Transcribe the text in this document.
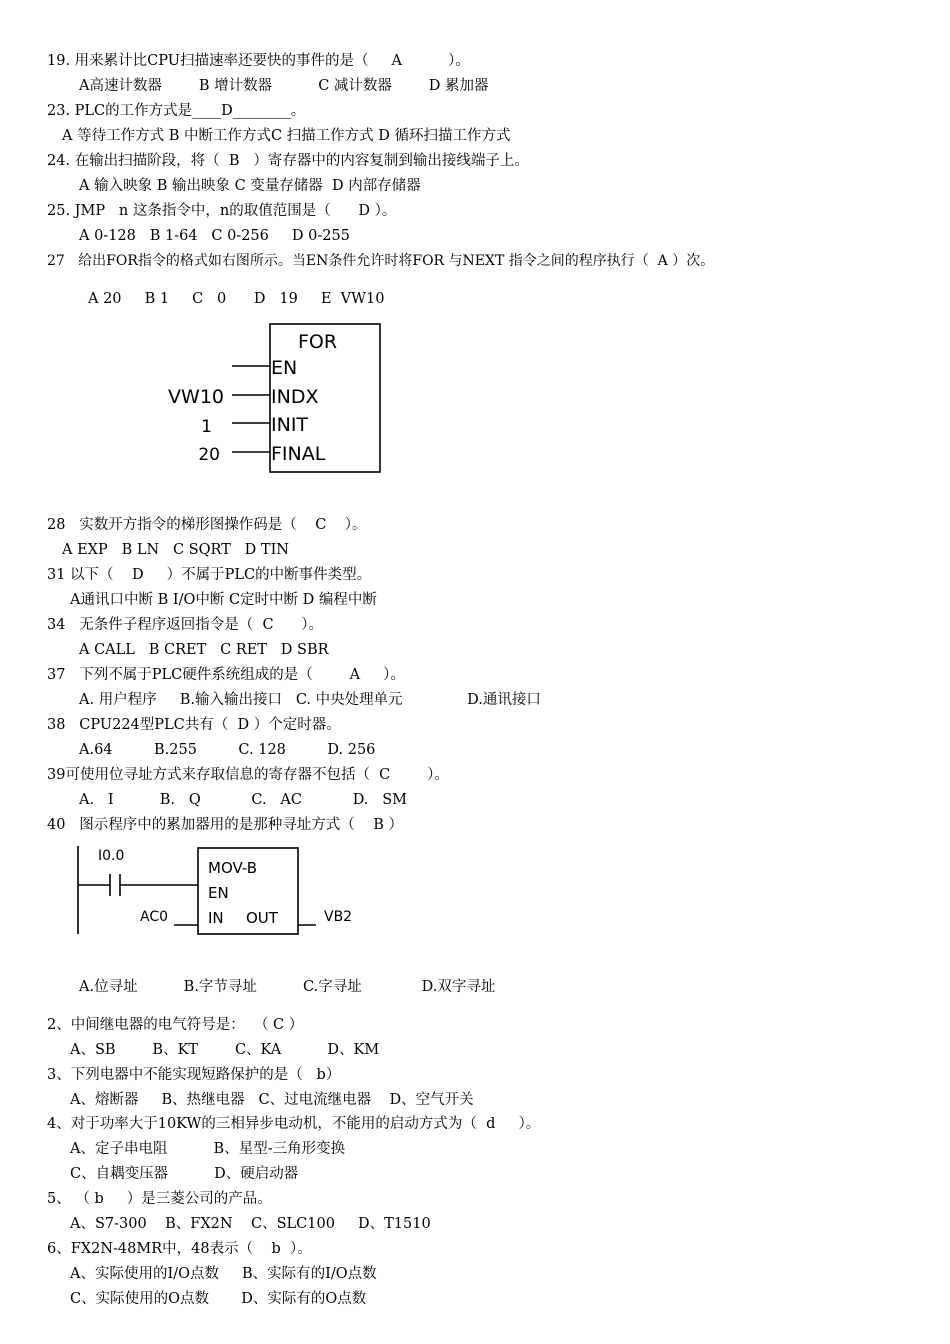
19. 用来累计比CPU扫描速率还要快的事件的是（     A          ）。
A高速计数器        B 增计数器          C 减计数器        D 累加器
23. PLC的工作方式是____D________。
A 等待工作方式 B 中断工作方式C 扫描工作方式 D 循环扫描工作方式
24. 在输出扫描阶段，将（  B   ）寄存器中的内容复制到输出接线端子上。
A 输入映象 B 输出映象 C 变量存储器  D 内部存储器
25. JMP   n 这条指令中，n的取值范围是（      D ）。
A 0-128   B 1-64   C 0-256     D 0-255
27   给出FOR指令的格式如右图所示。当EN条件允许时将FOR 与NEXT 指令之间的程序执行（  A ）次。
A 20     B 1     C   0      D   19     E  VW10
FOR
EN
INDX
INIT
FINAL
VW10
1
20
28   实数开方指令的梯形图操作码是（    C    ）。
A EXP   B LN   C SQRT   D TIN
31 以下（    D     ）不属于PLC的中断事件类型。
A通讯口中断 B I/O中断 C定时中断 D 编程中断
34   无条件子程序返回指令是（  C      ）。
A CALL   B CRET   C RET   D SBR
37   下列不属于PLC硬件系统组成的是（        A     ）。
A. 用户程序     B.输入输出接口   C. 中央处理单元              D.通讯接口
38   CPU224型PLC共有（  D ）个定时器。
A.64         B.255         C. 128         D. 256
39可使用位寻址方式来存取信息的寄存器不包括（  C        ）。
A.   I          B.   Q           C.   AC           D.   SM
40   图示程序中的累加器用的是那种寻址方式（    B ）
I0.0
MOV-B
EN
IN OUT
AC0	VB2
A.位寻址          B.字节寻址          C.字寻址             D.双字寻址
2、中间继电器的电气符号是：  （ C ）
A、SB        B、KT        C、KA          D、KM
3、下列电器中不能实现短路保护的是（   b）
A、熔断器     B、热继电器   C、过电流继电器    D、空气开关
4、对于功率大于10KW的三相异步电动机，不能用的启动方式为（  d     ）。
A、定子串电阻          B、星型-三角形变换
C、自耦变压器          D、硬启动器
5、 （ b     ）是三菱公司的产品。
A、S7-300    B、FX2N    C、SLC100     D、T1510
6、FX2N-48MR中，48表示（    b  ）。
A、实际使用的I/O点数     B、实际有的I/O点数
C、实际使用的O点数       D、实际有的O点数
